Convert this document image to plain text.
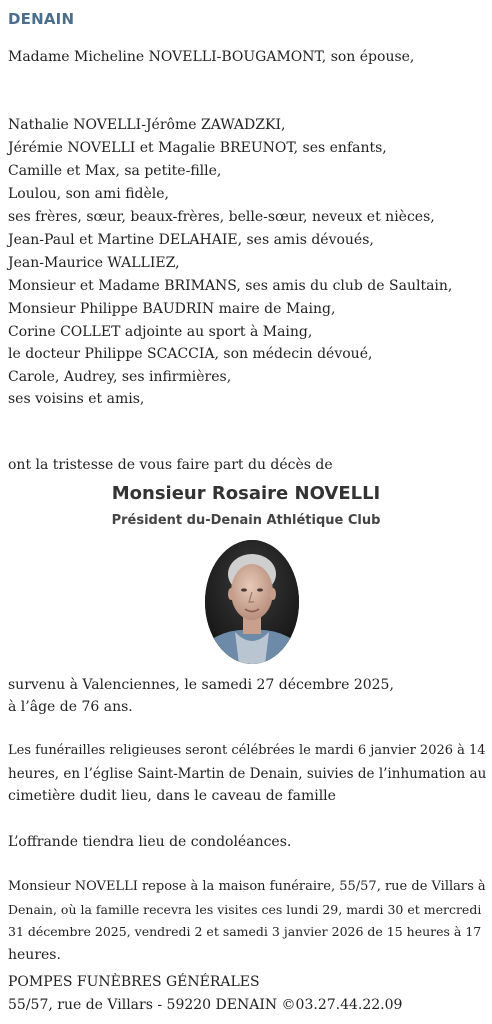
DENAIN
Madame Micheline NOVELLI-BOUGAMONT, son épouse,
Nathalie NOVELLI-Jérôme ZAWADZKI,
Jérémie NOVELLI et Magalie BREUNOT, ses enfants,
Camille et Max, sa petite-fille,
Loulou, son ami fidèle,
ses frères, sœur, beaux-frères, belle-sœur, neveux et nièces,
Jean-Paul et Martine DELAHAIE, ses amis dévoués,
Jean-Maurice WALLIEZ,
Monsieur et Madame BRIMANS, ses amis du club de Saultain,
Monsieur Philippe BAUDRIN maire de Maing,
Corine COLLET adjointe au sport à Maing,
le docteur Philippe SCACCIA, son médecin dévoué,
Carole, Audrey, ses infirmières,
ses voisins et amis,
ont la tristesse de vous faire part du décès de
Monsieur Rosaire NOVELLI
Président du-Denain Athlétique Club
survenu à Valenciennes, le samedi 27 décembre 2025,
à l’âge de 76 ans.
Les funérailles religieuses seront célébrées le mardi 6 janvier 2026 à 14
heures, en l’église Saint-Martin de Denain, suivies de l’inhumation au
cimetière dudit lieu, dans le caveau de famille
L’offrande tiendra lieu de condoléances.
Monsieur NOVELLI repose à la maison funéraire, 55/57, rue de Villars à
Denain, où la famille recevra les visites ces lundi 29, mardi 30 et mercredi
31 décembre 2025, vendredi 2 et samedi 3 janvier 2026 de 15 heures à 17
heures.
POMPES FUNÈBRES GÉNÉRALES
55/57, rue de Villars - 59220 DENAIN ©03.27.44.22.09
